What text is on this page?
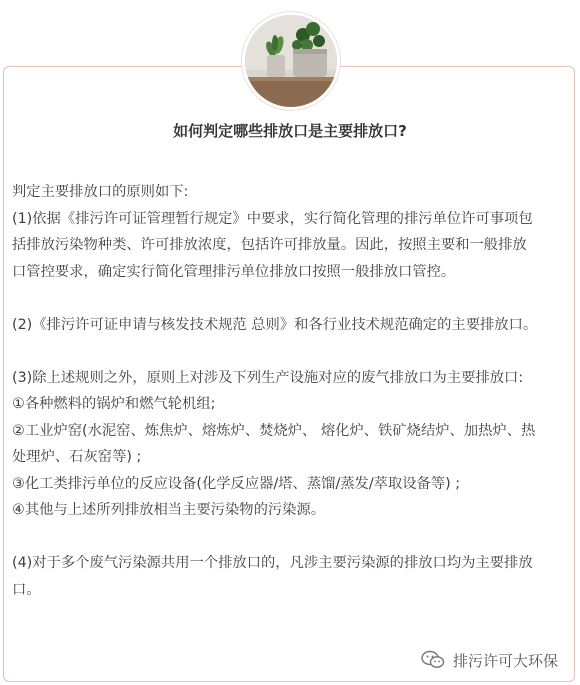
如何判定哪些排放口是主要排放口?
判定主要排放口的原则如下:
(1)依据《排污许可证管理暂行规定》中要求，实行简化管理的排污单位许可事项包
括排放污染物种类、许可排放浓度，包括许可排放量。因此，按照主要和一般排放
口管控要求，确定实行简化管理排污单位排放口按照一般排放口管控。
(2)《排污许可证申请与核发技术规范 总则》和各行业技术规范确定的主要排放口。
(3)除上述规则之外，原则上对涉及下列生产设施对应的废气排放口为主要排放口:
①各种燃料的锅炉和燃气轮机组;
②工业炉窑(水泥窑、炼焦炉、熔炼炉、焚烧炉、 熔化炉、铁矿烧结炉、加热炉、热
处理炉、石灰窑等) ;
③化工类排污单位的反应设备(化学反应器/塔、蒸馏/蒸发/萃取设备等) ;
④其他与上述所列排放相当主要污染物的污染源。
(4)对于多个废气污染源共用一个排放口的，凡涉主要污染源的排放口均为主要排放
口。
排污许可大环保
